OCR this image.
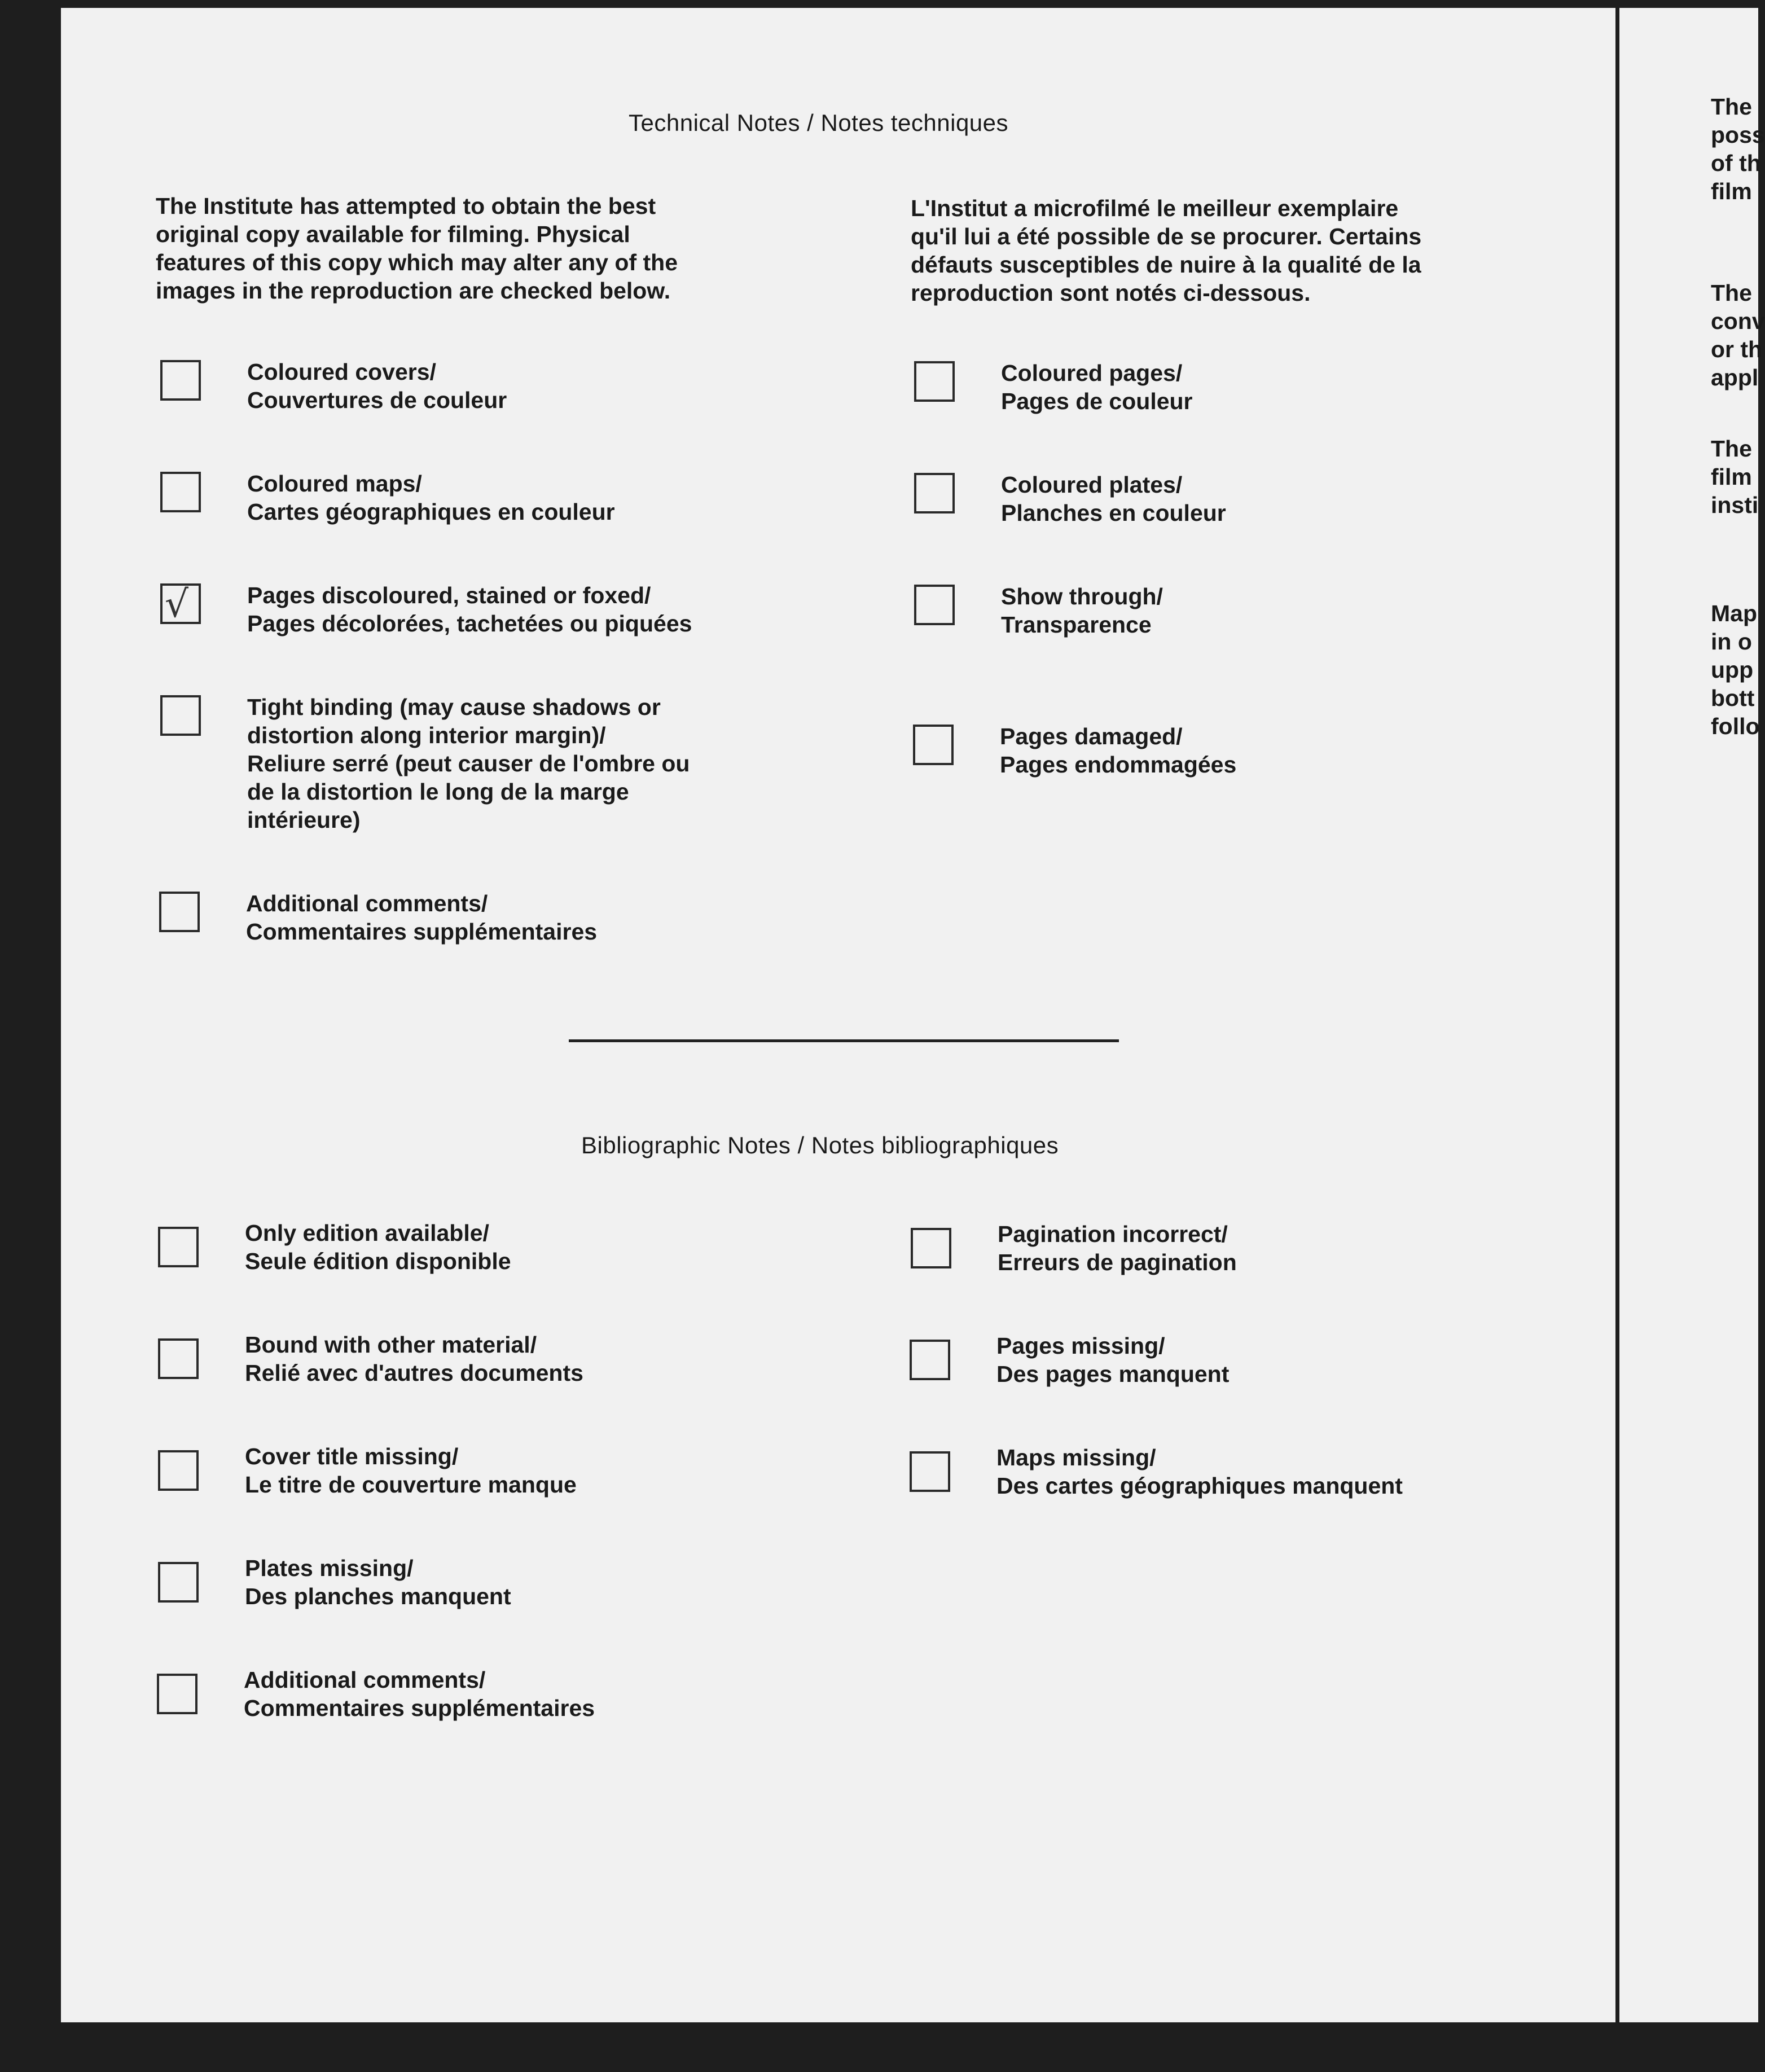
Technical Notes / Notes techniques
The Institute has attempted to obtain the best
original copy available for filming. Physical
features of this copy which may alter any of the
images in the reproduction are checked below.
L'Institut a microfilmé le meilleur exemplaire
qu'il lui a été possible de se procurer. Certains
défauts susceptibles de nuire à la qualité de la
reproduction sont notés ci-dessous.
Coloured covers/
Couvertures de couleur
Coloured maps/
Cartes géographiques en couleur
√	Pages discoloured, stained or foxed/
Pages décolorées, tachetées ou piquées
Tight binding (may cause shadows or
distortion along interior margin)/
Reliure serré (peut causer de l'ombre ou
de la distortion le long de la marge
intérieure)
Additional comments/
Commentaires supplémentaires
Coloured pages/
Pages de couleur
Coloured plates/
Planches en couleur
Show through/
Transparence
Pages damaged/
Pages endommagées
Bibliographic Notes / Notes bibliographiques
Only edition available/
Seule édition disponible
Bound with other material/
Relié avec d'autres documents
Cover title missing/
Le titre de couverture manque
Plates missing/
Des planches manquent
Additional comments/
Commentaires supplémentaires
Pagination incorrect/
Erreurs de pagination
Pages missing/
Des pages manquent
Maps missing/
Des cartes géographiques manquent
The
poss
of th
film
The
conv
or th
appl
The
film
insti
Map
in o
upp
bott
follo
